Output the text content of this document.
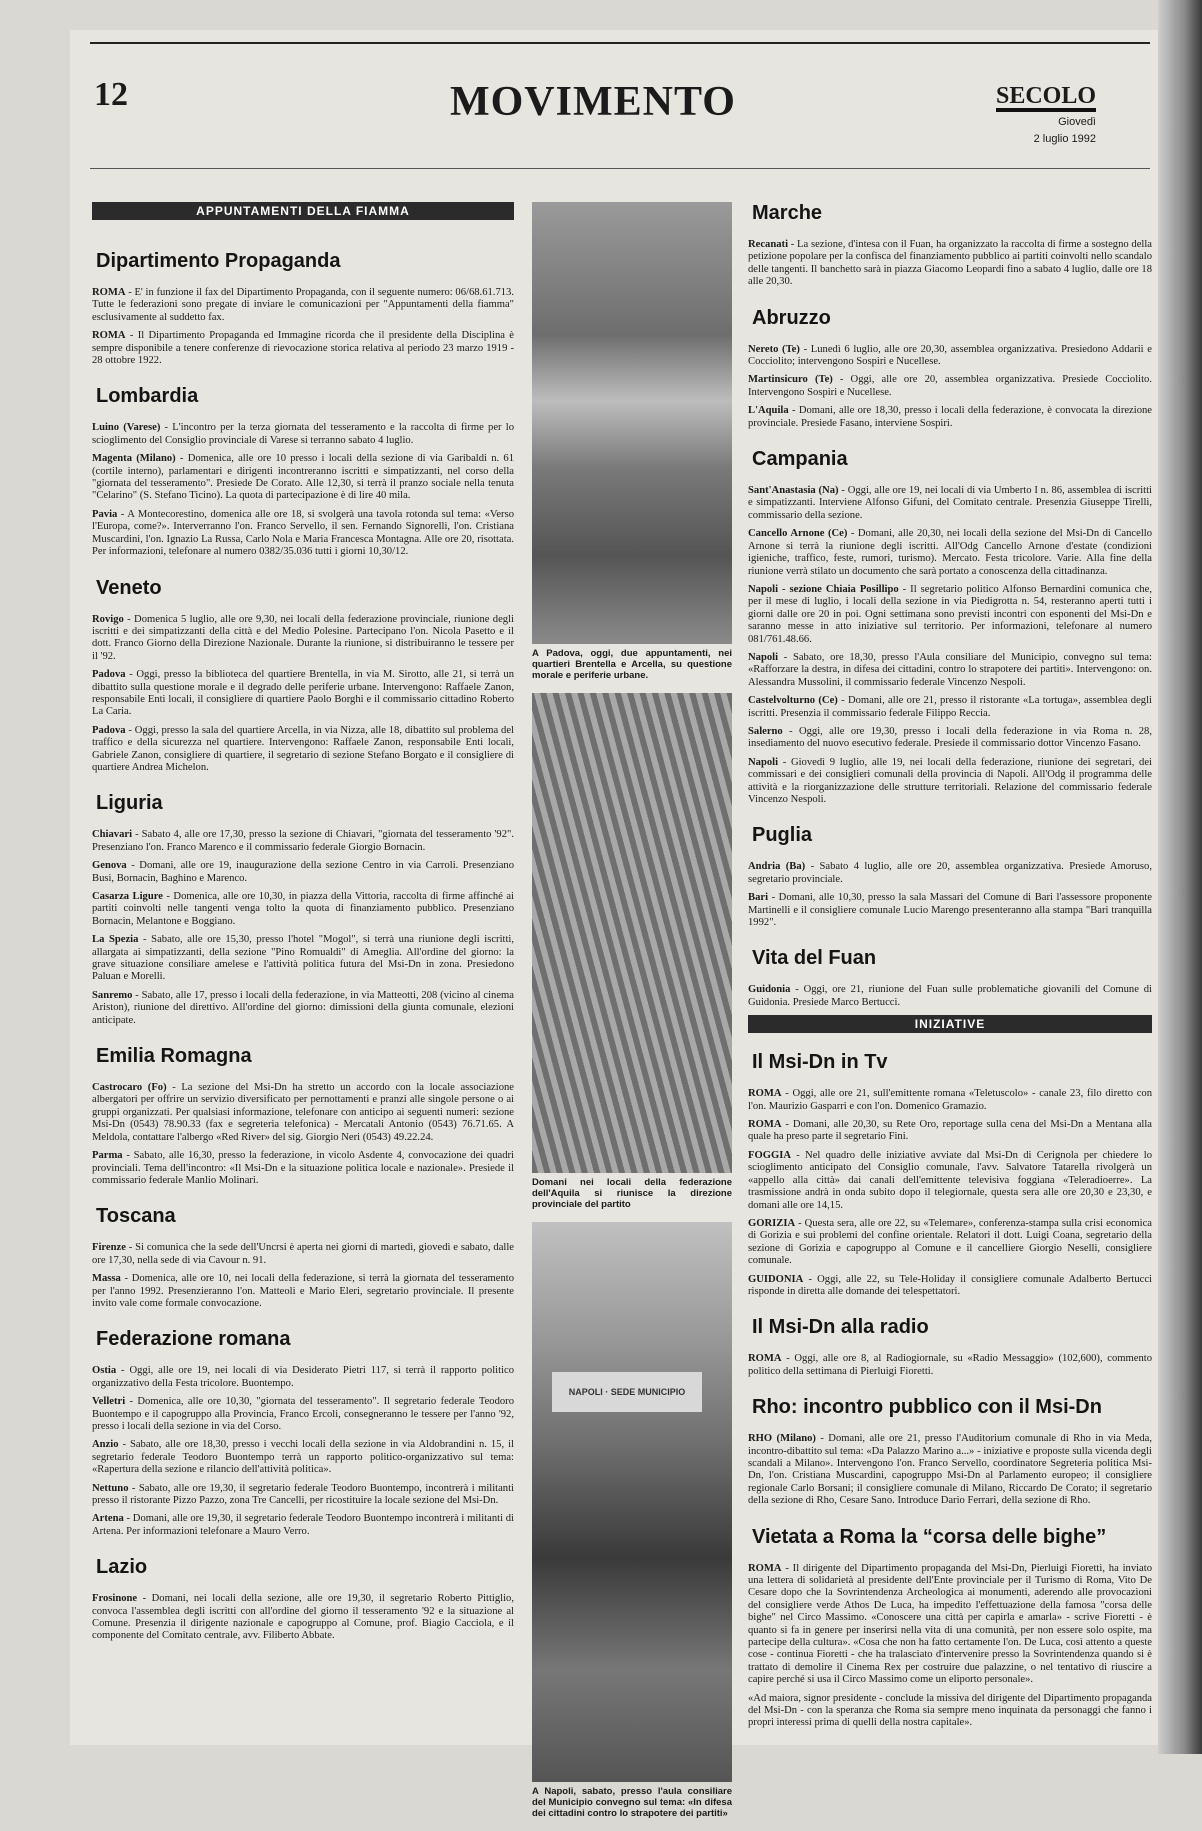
12	MOVIMENTO	SECOLO
Giovedì
2 luglio 1992
APPUNTAMENTI DELLA FIAMMA
Dipartimento Propaganda

ROMA - E' in funzione il fax del Dipartimento Propaganda, con il seguente numero: 06/68.61.713. Tutte le federazioni sono pregate di inviare le comunicazioni per "Appuntamenti della fiamma" esclusivamente al suddetto fax.

ROMA - Il Dipartimento Propaganda ed Immagine ricorda che il presidente della Disciplina è sempre disponibile a tenere conferenze di rievocazione storica relativa al periodo 23 marzo 1919 - 28 ottobre 1922.

Lombardia

Luino (Varese) - L'incontro per la terza giornata del tesseramento e la raccolta di firme per lo scioglimento del Consiglio provinciale di Varese si terranno sabato 4 luglio.

Magenta (Milano) - Domenica, alle ore 10 presso i locali della sezione di via Garibaldi n. 61 (cortile interno), parlamentari e dirigenti incontreranno iscritti e simpatizzanti, nel corso della "giornata del tesseramento". Presiede De Corato. Alle 12,30, si terrà il pranzo sociale nella tenuta "Celarino" (S. Stefano Ticino). La quota di partecipazione è di lire 40 mila.

Pavia - A Montecorestino, domenica alle ore 18, si svolgerà una tavola rotonda sul tema: «Verso l'Europa, come?». Interverranno l'on. Franco Servello, il sen. Fernando Signorelli, l'on. Cristiana Muscardini, l'on. Ignazio La Russa, Carlo Nola e Maria Francesca Montagna. Alle ore 20, risottata. Per informazioni, telefonare al numero 0382/35.036 tutti i giorni 10,30/12.

Veneto

Rovigo - Domenica 5 luglio, alle ore 9,30, nei locali della federazione provinciale, riunione degli iscritti e dei simpatizzanti della città e del Medio Polesine. Partecipano l'on. Nicola Pasetto e il dott. Franco Giorno della Direzione Nazionale. Durante la riunione, si distribuiranno le tessere per il '92.

Padova - Oggi, presso la biblioteca del quartiere Brentella, in via M. Sirotto, alle 21, si terrà un dibattito sulla questione morale e il degrado delle periferie urbane. Intervengono: Raffaele Zanon, responsabile Enti locali, il consigliere di quartiere Paolo Borghi e il commissario cittadino Roberto La Caria.

Padova - Oggi, presso la sala del quartiere Arcella, in via Nizza, alle 18, dibattito sul problema del traffico e della sicurezza nel quartiere. Intervengono: Raffaele Zanon, responsabile Enti locali, Gabriele Zanon, consigliere di quartiere, il segretario di sezione Stefano Borgato e il consigliere di quartiere Andrea Michelon.

Liguria

Chiavari - Sabato 4, alle ore 17,30, presso la sezione di Chiavari, "giornata del tesseramento '92". Presenziano l'on. Franco Marenco e il commissario federale Giorgio Bornacin.

Genova - Domani, alle ore 19, inaugurazione della sezione Centro in via Carroli. Presenziano Busi, Bornacin, Baghino e Marenco.

Casarza Ligure - Domenica, alle ore 10,30, in piazza della Vittoria, raccolta di firme affinché ai partiti coinvolti nelle tangenti venga tolto la quota di finanziamento pubblico. Presenziano Bornacin, Melantone e Boggiano.

La Spezia - Sabato, alle ore 15,30, presso l'hotel "Mogol", si terrà una riunione degli iscritti, allargata ai simpatizzanti, della sezione "Pino Romualdi" di Ameglia. All'ordine del giorno: la grave situazione consiliare amelese e l'attività politica futura del Msi-Dn in zona. Presiedono Paluan e Morelli.

Sanremo - Sabato, alle 17, presso i locali della federazione, in via Matteotti, 208 (vicino al cinema Ariston), riunione del direttivo. All'ordine del giorno: dimissioni della giunta comunale, elezioni anticipate.

Emilia Romagna

Castrocaro (Fo) - La sezione del Msi-Dn ha stretto un accordo con la locale associazione albergatori per offrire un servizio diversificato per pernottamenti e pranzi alle singole persone o ai gruppi organizzati. Per qualsiasi informazione, telefonare con anticipo ai seguenti numeri: sezione Msi-Dn (0543) 78.90.33 (fax e segreteria telefonica) - Mercatali Antonio (0543) 76.71.65. A Meldola, contattare l'albergo «Red River» del sig. Giorgio Neri (0543) 49.22.24.

Parma - Sabato, alle 16,30, presso la federazione, in vicolo Asdente 4, convocazione dei quadri provinciali. Tema dell'incontro: «Il Msi-Dn e la situazione politica locale e nazionale». Presiede il commissario federale Manlio Molinari.

Toscana

Firenze - Si comunica che la sede dell'Uncrsi è aperta nei giorni di martedì, giovedì e sabato, dalle ore 17,30, nella sede di via Cavour n. 91.

Massa - Domenica, alle ore 10, nei locali della federazione, si terrà la giornata del tesseramento per l'anno 1992. Presenzieranno l'on. Matteoli e Mario Eleri, segretario provinciale. Il presente invito vale come formale convocazione.

Federazione romana

Ostia - Oggi, alle ore 19, nei locali di via Desiderato Pietri 117, si terrà il rapporto politico organizzativo della Festa tricolore. Buontempo.

Velletri - Domenica, alle ore 10,30, "giornata del tesseramento". Il segretario federale Teodoro Buontempo e il capogruppo alla Provincia, Franco Ercoli, consegneranno le tessere per l'anno '92, presso i locali della sezione in via del Corso.

Anzio - Sabato, alle ore 18,30, presso i vecchi locali della sezione in via Aldobrandini n. 15, il segretario federale Teodoro Buontempo terrà un rapporto politico-organizzativo sul tema: «Rapertura della sezione e rilancio dell'attività politica».

Nettuno - Sabato, alle ore 19,30, il segretario federale Teodoro Buontempo, incontrerà i militanti presso il ristorante Pizzo Pazzo, zona Tre Cancelli, per ricostituire la locale sezione del Msi-Dn.

Artena - Domani, alle ore 19,30, il segretario federale Teodoro Buontempo incontrerà i militanti di Artena. Per informazioni telefonare a Mauro Verro.

Lazio

Frosinone - Domani, nei locali della sezione, alle ore 19,30, il segretario Roberto Pittiglio, convoca l'assemblea degli iscritti con all'ordine del giorno il tesseramento '92 e la situazione al Comune. Presenzia il dirigente nazionale e capogruppo al Comune, prof. Biagio Cacciola, e il componente del Comitato centrale, avv. Filiberto Abbate.

A Padova, oggi, due appuntamenti, nei quartieri Brentella e Arcella, su questione morale e periferie urbane.
Domani nei locali della federazione dell'Aquila si riunisce la direzione provinciale del partito
NAPOLI · SEDE MUNICIPIO
A Napoli, sabato, presso l'aula consiliare del Municipio convegno sul tema: «In difesa dei cittadini contro lo strapotere dei partiti»
Marche

Recanati - La sezione, d'intesa con il Fuan, ha organizzato la raccolta di firme a sostegno della petizione popolare per la confisca del finanziamento pubblico ai partiti coinvolti nello scandalo delle tangenti. Il banchetto sarà in piazza Giacomo Leopardi fino a sabato 4 luglio, dalle ore 18 alle 20,30.

Abruzzo

Nereto (Te) - Lunedì 6 luglio, alle ore 20,30, assemblea organizzativa. Presiedono Addarii e Cocciolito; intervengono Sospiri e Nucellese.

Martinsicuro (Te) - Oggi, alle ore 20, assemblea organizzativa. Presiede Cocciolito. Intervengono Sospiri e Nucellese.

L'Aquila - Domani, alle ore 18,30, presso i locali della federazione, è convocata la direzione provinciale. Presiede Fasano, interviene Sospiri.

Campania

Sant'Anastasia (Na) - Oggi, alle ore 19, nei locali di via Umberto I n. 86, assemblea di iscritti e simpatizzanti. Interviene Alfonso Gifuni, del Comitato centrale. Presenzia Giuseppe Tirelli, commissario della sezione.

Cancello Arnone (Ce) - Domani, alle 20,30, nei locali della sezione del Msi-Dn di Cancello Arnone si terrà la riunione degli iscritti. All'Odg Cancello Arnone d'estate (condizioni igieniche, traffico, feste, rumori, turismo). Mercato. Festa tricolore. Varie. Alla fine della riunione verrà stilato un documento che sarà portato a conoscenza della cittadinanza.

Napoli - sezione Chiaia Posillipo - Il segretario politico Alfonso Bernardini comunica che, per il mese di luglio, i locali della sezione in via Piedigrotta n. 54, resteranno aperti tutti i giorni dalle ore 20 in poi. Ogni settimana sono previsti incontri con esponenti del Msi-Dn e saranno messe in atto iniziative sul territorio. Per informazioni, telefonare al numero 081/761.48.66.

Napoli - Sabato, ore 18,30, presso l'Aula consiliare del Municipio, convegno sul tema: «Rafforzare la destra, in difesa dei cittadini, contro lo strapotere dei partiti». Intervengono: on. Alessandra Mussolini, il commissario federale Vincenzo Nespoli.

Castelvolturno (Ce) - Domani, alle ore 21, presso il ristorante «La tortuga», assemblea degli iscritti. Presenzia il commissario federale Filippo Reccia.

Salerno - Oggi, alle ore 19,30, presso i locali della federazione in via Roma n. 28, insediamento del nuovo esecutivo federale. Presiede il commissario dottor Vincenzo Fasano.

Napoli - Giovedì 9 luglio, alle 19, nei locali della federazione, riunione dei segretari, dei commissari e dei consiglieri comunali della provincia di Napoli. All'Odg il programma delle attività e la riorganizzazione delle strutture territoriali. Relazione del commissario federale Vincenzo Nespoli.

Puglia

Andria (Ba) - Sabato 4 luglio, alle ore 20, assemblea organizzativa. Presiede Amoruso, segretario provinciale.

Bari - Domani, alle 10,30, presso la sala Massari del Comune di Bari l'assessore proponente Martinelli e il consigliere comunale Lucio Marengo presenteranno alla stampa "Bari tranquilla 1992".

Vita del Fuan

Guidonia - Oggi, ore 21, riunione del Fuan sulle problematiche giovanili del Comune di Guidonia. Presiede Marco Bertucci.

INIZIATIVE
Il Msi-Dn in Tv

ROMA - Oggi, alle ore 21, sull'emittente romana «Teletuscolo» - canale 23, filo diretto con l'on. Maurizio Gasparri e con l'on. Domenico Gramazio.

ROMA - Domani, alle 20,30, su Rete Oro, reportage sulla cena del Msi-Dn a Mentana alla quale ha preso parte il segretario Fini.

FOGGIA - Nel quadro delle iniziative avviate dal Msi-Dn di Cerignola per chiedere lo scioglimento anticipato del Consiglio comunale, l'avv. Salvatore Tatarella rivolgerà un «appello alla città» dai canali dell'emittente televisiva foggiana «Teleradioerre». La trasmissione andrà in onda subito dopo il telegiornale, questa sera alle ore 20,30 e 23,30, e domani alle ore 14,15.

GORIZIA - Questa sera, alle ore 22, su «Telemare», conferenza-stampa sulla crisi economica di Gorizia e sui problemi del confine orientale. Relatori il dott. Luigi Coana, segretario della sezione di Gorizia e capogruppo al Comune e il cancelliere Giorgio Neselli, consigliere comunale.

GUIDONIA - Oggi, alle 22, su Tele-Holiday il consigliere comunale Adalberto Bertucci risponde in diretta alle domande dei telespettatori.

Il Msi-Dn alla radio

ROMA - Oggi, alle ore 8, al Radiogiornale, su «Radio Messaggio» (102,600), commento politico della settimana di Pierluigi Fioretti.

Rho: incontro pubblico con il Msi-Dn

RHO (Milano) - Domani, alle ore 21, presso l'Auditorium comunale di Rho in via Meda, incontro-dibattito sul tema: «Da Palazzo Marino a...» - iniziative e proposte sulla vicenda degli scandali a Milano». Intervengono l'on. Franco Servello, coordinatore Segreteria politica Msi-Dn, l'on. Cristiana Muscardini, capogruppo Msi-Dn al Parlamento europeo; il consigliere regionale Carlo Borsani; il consigliere comunale di Milano, Riccardo De Corato; il segretario della sezione di Rho, Cesare Sano. Introduce Dario Ferrari, della sezione di Rho.

Vietata a Roma la “corsa delle bighe”

ROMA - Il dirigente del Dipartimento propaganda del Msi-Dn, Pierluigi Fioretti, ha inviato una lettera di solidarietà al presidente dell'Ente provinciale per il Turismo di Roma, Vito De Cesare dopo che la Sovrintendenza Archeologica ai monumenti, aderendo alle provocazioni del consigliere verde Athos De Luca, ha impedito l'effettuazione della famosa "corsa delle bighe" nel Circo Massimo. «Conoscere una città per capirla e amarla» - scrive Fioretti - è quanto si fa in genere per inserirsi nella vita di una comunità, per non essere solo ospite, ma partecipe della cultura». «Cosa che non ha fatto certamente l'on. De Luca, così attento a queste cose - continua Fioretti - che ha tralasciato d'intervenire presso la Sovrintendenza quando si è trattato di demolire il Cinema Rex per costruire due palazzine, o nel tentativo di riuscire a capire perché si usa il Circo Massimo come un eliporto personale».

«Ad maiora, signor presidente - conclude la missiva del dirigente del Dipartimento propaganda del Msi-Dn - con la speranza che Roma sia sempre meno inquinata da personaggi che fanno i propri interessi prima di quelli della nostra capitale».
